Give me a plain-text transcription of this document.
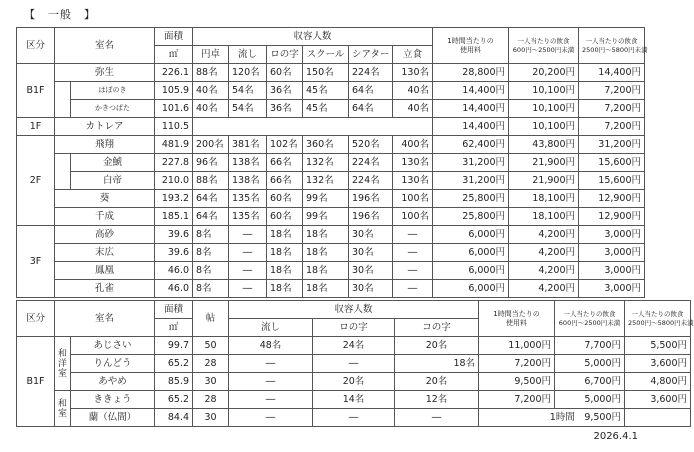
【　一般　】
区分	室名		面積	収容人数						1時間当たりの
使用料	一人当たりの飲食
600円～2500円未満	一人当たりの飲食
2500円～5800円未満
			㎡	円卓	流し	ロの字	スクール	シアター	立食			
B1F	弥生		226.1	88名	120名	60名	150名	224名	130名	28,800円	20,200円	14,400円
		はぼのき	105.9	40名	54名	36名	45名	64名	40名	14,400円	10,100円	7,200円
		かきつばた	101.6	40名	54名	36名	45名	64名	40名	14,400円	10,100円	7,200円
1F	カトレア		110.5							14,400円	10,100円	7,200円
2F	飛翔		481.9	200名	381名	102名	360名	520名	400名	62,400円	43,800円	31,200円
		金鯱	227.8	96名	138名	66名	132名	224名	130名	31,200円	21,900円	15,600円
		白帝	210.0	88名	138名	66名	132名	224名	130名	31,200円	21,900円	15,600円
	葵		193.2	64名	135名	60名	99名	196名	100名	25,800円	18,100円	12,900円
	千成		185.1	64名	135名	60名	99名	196名	100名	25,800円	18,100円	12,900円
3F	高砂		39.6	8名	―	18名	18名	30名	―	6,000円	4,200円	3,000円
	末広		39.6	8名	―	18名	18名	30名	―	6,000円	4,200円	3,000円
	鳳凰		46.0	8名	―	18名	18名	30名	―	6,000円	4,200円	3,000円
	孔雀		46.0	8名	―	18名	18名	30名	―	6,000円	4,200円	3,000円
区分	室名		面積	帖	収容人数			1時間当たりの
使用料	一人当たりの飲食
600円～2500円未満	一人当たりの飲食
2500円～5800円未満
			㎡		流し	ロの字	コの字			
B1F	和洋室	あじさい	99.7	50	48名	24名	20名	11,000円	7,700円	5,500円
		りんどう	65.2	28	―	―	18名	7,200円	5,000円	3,600円
		あやめ	85.9	30	―	20名	20名	9,500円	6,700円	4,800円
	和室	ききょう	65.2	28	―	14名	12名	7,200円	5,000円	3,600円
		蘭（仏間）	84.4	30	―	―	―	1時間　9,500円		
2026.4.1
